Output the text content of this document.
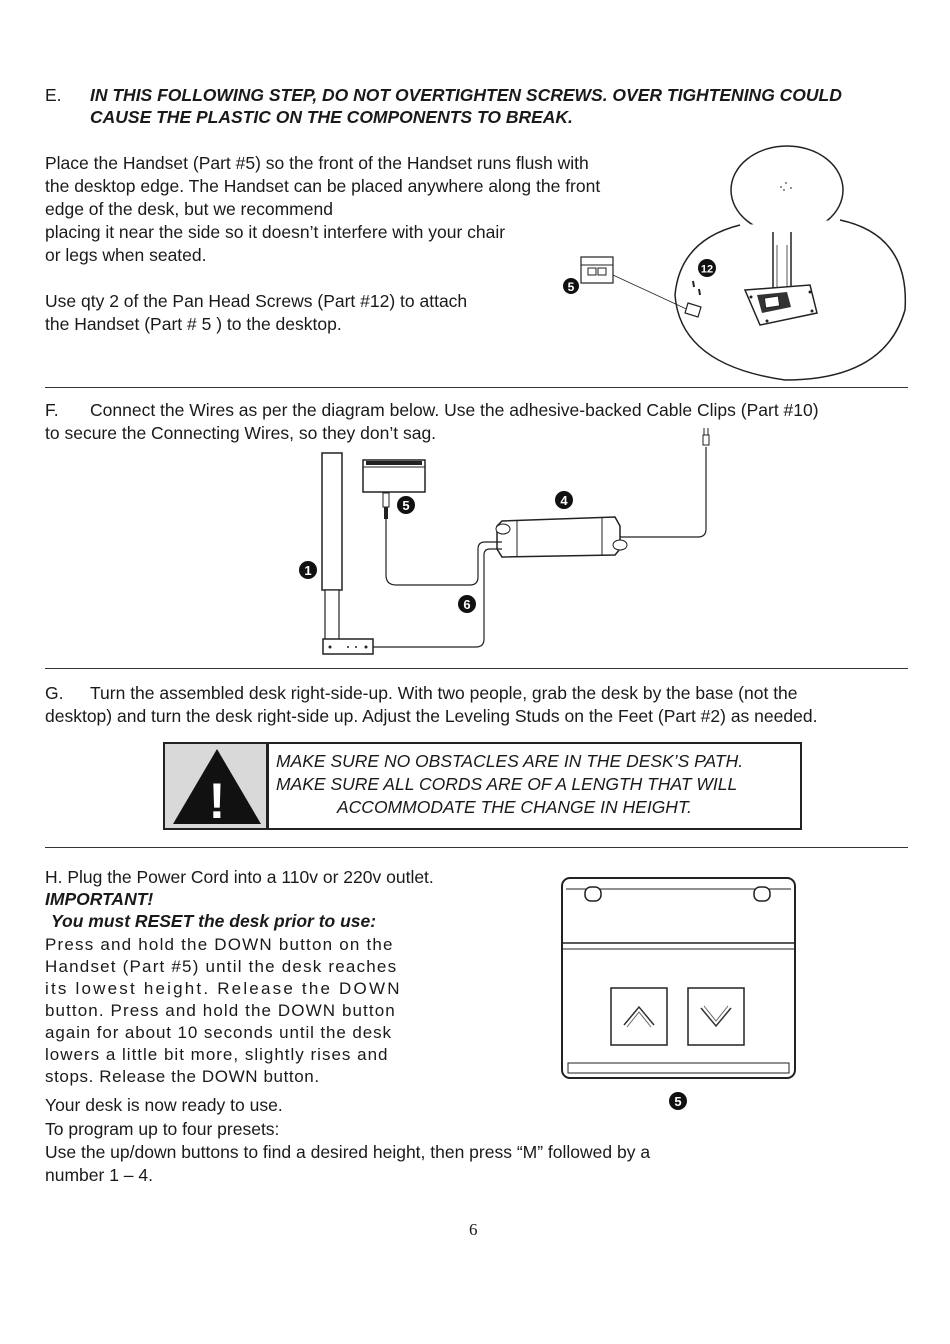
E. IN THIS FOLLOWING STEP, DO NOT OVERTIGHTEN SCREWS. OVER TIGHTENING COULD
CAUSE THE PLASTIC ON THE COMPONENTS TO BREAK.
Place the Handset (Part #5) so the front of the Handset runs flush with
the desktop edge. The Handset can be placed anywhere along the front
edge of the desk, but we recommend
placing it near the side so it doesn’t interfere with your chair
or legs when seated.
Use qty 2 of the Pan Head Screws (Part #12) to attach
the Handset (Part # 5 ) to the desktop.
5
12
F. Connect the Wires as per the diagram below. Use the adhesive-backed Cable Clips (Part #10)
to secure the Connecting Wires, so they don’t sag.
1
4
5
6
G. Turn the assembled desk right-side-up. With two people, grab the desk by the base (not the
desktop) and turn the desk right-side up. Adjust the Leveling Studs on the Feet (Part #2) as needed.
!
MAKE SURE NO OBSTACLES ARE IN THE DESK’S PATH.
MAKE SURE ALL CORDS ARE OF A LENGTH THAT WILL
ACCOMMODATE THE CHANGE IN HEIGHT.
H. Plug the Power Cord into a 110v or 220v outlet.
IMPORTANT!
You must RESET the desk prior to use:
Press and hold the DOWN button on the
Handset (Part #5) until the desk reaches
its lowest height. Release the DOWN
button. Press and hold the DOWN button
again for about 10 seconds until the desk
lowers a little bit more, slightly rises and
stops. Release the DOWN button.
Your desk is now ready to use.
To program up to four presets:
Use the up/down buttons to find a desired height, then press “M” followed by a
number 1 – 4.
5
6
